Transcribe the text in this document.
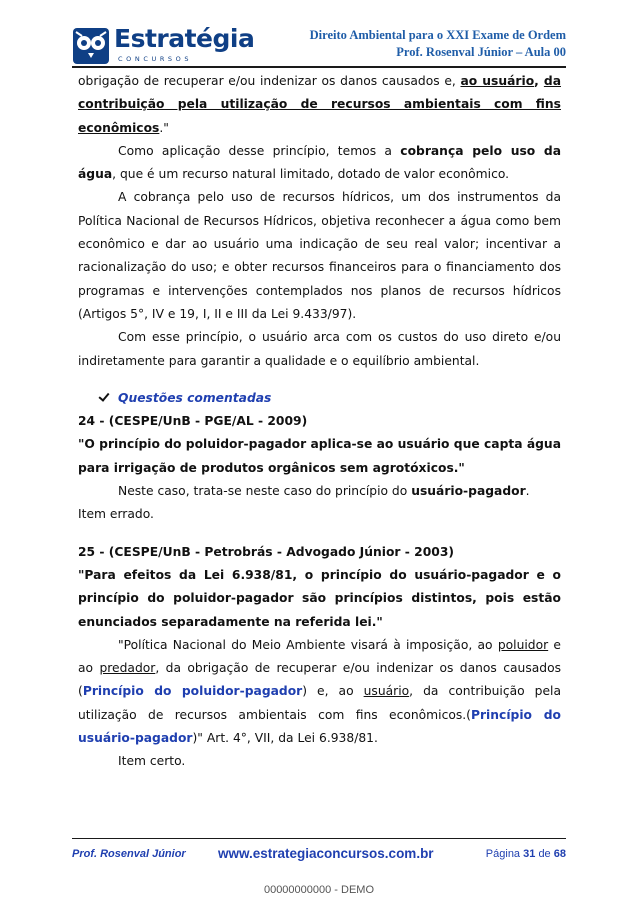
Estratégia
CONCURSOS
Direito Ambiental para o XXI Exame de Ordem
Prof. Rosenval Júnior – Aula 00

obrigação de recuperar e/ou indenizar os danos causados e, ao usuário, da contribuição pela utilização de recursos ambientais com fins econômicos."

Como aplicação desse princípio, temos a cobrança pelo uso da água, que é um recurso natural limitado, dotado de valor econômico.

A cobrança pelo uso de recursos hídricos, um dos instrumentos da Política Nacional de Recursos Hídricos, objetiva reconhecer a água como bem econômico e dar ao usuário uma indicação de seu real valor; incentivar a racionalização do uso; e obter recursos financeiros para o financiamento dos programas e intervenções contemplados nos planos de recursos hídricos (Artigos 5°, IV e 19, I, II e III da Lei 9.433/97).

Com esse princípio, o usuário arca com os custos do uso direto e/ou indiretamente para garantir a qualidade e o equilíbrio ambiental.

Questões comentadas

24 - (CESPE/UnB - PGE/AL - 2009)

"O princípio do poluidor-pagador aplica-se ao usuário que capta água para irrigação de produtos orgânicos sem agrotóxicos."

Neste caso, trata-se neste caso do princípio do usuário-pagador.

Item errado.

25 - (CESPE/UnB - Petrobrás - Advogado Júnior - 2003)

"Para efeitos da Lei 6.938/81, o princípio do usuário-pagador e o princípio do poluidor-pagador são princípios distintos, pois estão enunciados separadamente na referida lei."

"Política Nacional do Meio Ambiente visará à imposição, ao poluidor e ao predador, da obrigação de recuperar e/ou indenizar os danos causados (Princípio do poluidor-pagador) e, ao usuário, da contribuição pela utilização de recursos ambientais com fins econômicos.(Princípio do usuário-pagador)" Art. 4°, VII, da Lei 6.938/81.

Item certo.

Prof. Rosenval Júnior www.estrategiaconcursos.com.br	Página 31 de 68
00000000000 - DEMO
